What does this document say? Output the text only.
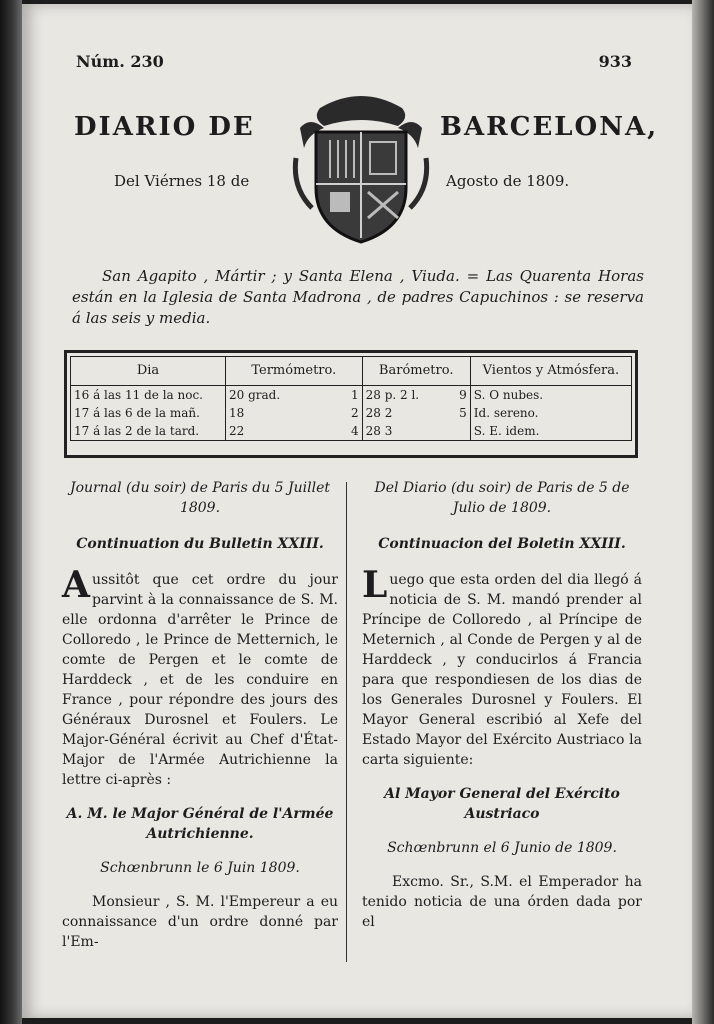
Núm. 230	933
DIARIO DE	BARCELONA,
Del Viérnes 18 de	Agosto de 1809.
San Agapito , Mártir ; y Santa Elena , Viuda. = Las Quarenta Horas están en la Iglesia de Santa Madrona , de padres Capuchinos : se reserva á las seis y media.
Dia	Termómetro.		Barómetro.		Vientos y Atmósfera.
16 á las 11 de la noc.	20 grad.	1	28 p. 2 l.	9	S. O nubes.
17 á las 6 de la mañ.	18	2	28 2	5	Id. sereno.
17 á las 2 de la tard.	22	4	28 3		S. E. idem.

Journal (du soir) de Paris du 5 Juillet 1809.

Continuation du Bulletin XXIII.

Aussitôt que cet ordre du jour parvint à la connaissance de S. M. elle ordonna d'arrêter le Prince de Colloredo , le Prince de Metternich, le comte de Pergen et le comte de Harddeck , et de les conduire en France , pour répondre des jours des Généraux Durosnel et Foulers. Le Major-Général écrivit au Chef d'État-Major de l'Armée Autrichienne la lettre ci-après :

A. M. le Major Général de l'Armée Autrichienne.

Schœnbrunn le 6 Juin 1809.

Monsieur , S. M. l'Empereur a eu connaissance d'un ordre donné par l'Em-

Del Diario (du soir) de Paris de 5 de Julio de 1809.

Continuacion del Boletin XXIII.

Luego que esta orden del dia llegó á noticia de S. M. mandó prender al Príncipe de Colloredo , al Príncipe de Meternich , al Conde de Pergen y al de Harddeck , y conducirlos á Francia para que respondiesen de los dias de los Generales Durosnel y Foulers. El Mayor General escribió al Xefe del Estado Mayor del Exército Austriaco la carta siguiente:

Al Mayor General del Exército Austriaco

Schœnbrunn el 6 Junio de 1809.

Excmo. Sr., S.M. el Emperador ha tenido noticia de una órden dada por el
